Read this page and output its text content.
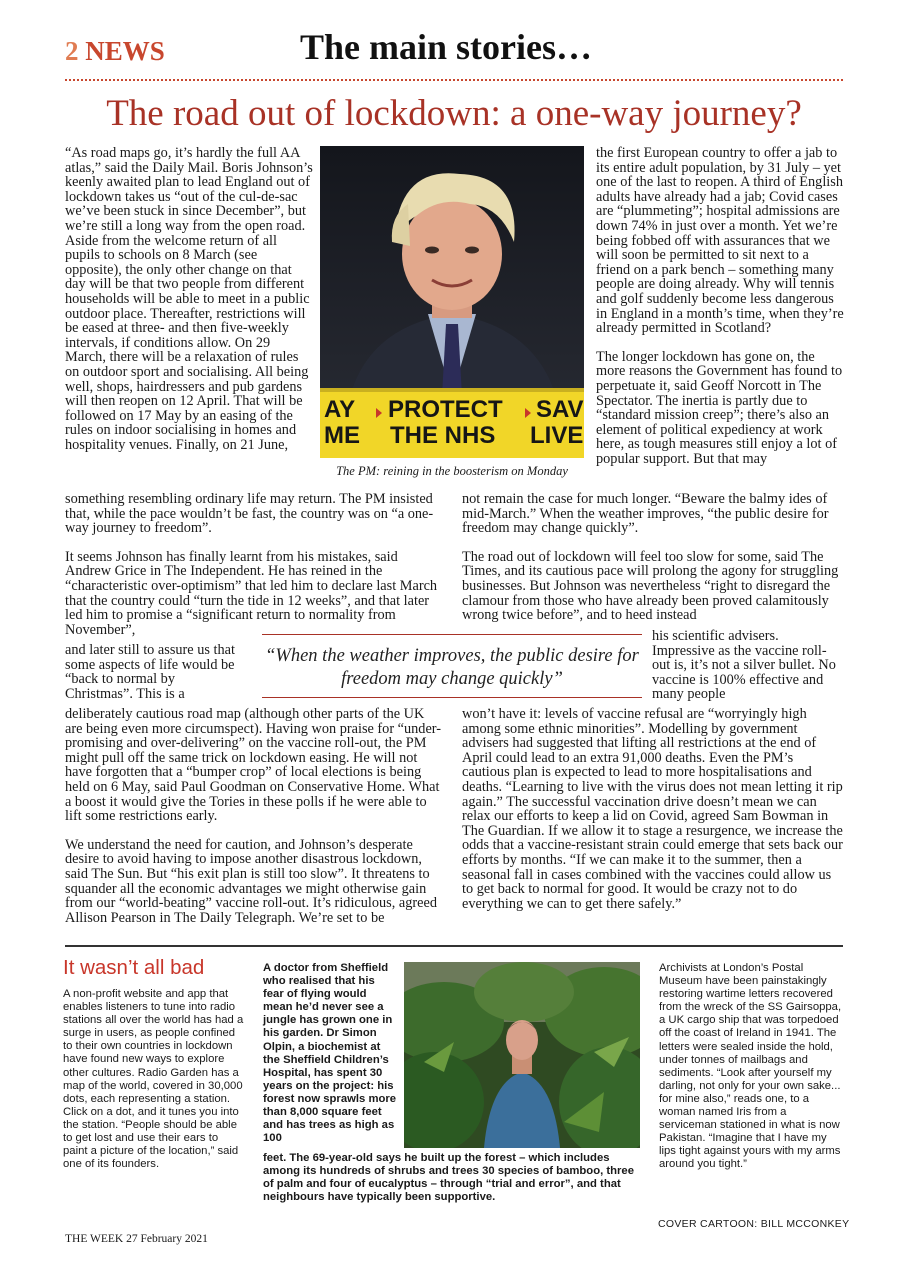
2 NEWS	The main stories…
The road out of lockdown: a one-way journey?
“As road maps go, it’s hardly the full AA atlas,” said the Daily Mail. Boris Johnson’s keenly awaited plan to lead England out of lockdown takes us “out of the cul-de-sac we’ve been stuck in since December”, but we’re still a long way from the open road. Aside from the welcome return of all pupils to schools on 8 March (see opposite), the only other change on that day will be that two people from different households will be able to meet in a public outdoor place. Thereafter, restrictions will be eased at three- and then five-weekly intervals, if conditions allow. On 29 March, there will be a relaxation of rules on outdoor sport and socialising. All being well, shops, hairdressers and pub gardens will then reopen on 12 April. That will be followed on 17 May by an easing of the rules on indoor socialising in homes and hospitality venues. Finally, on 21 June,
AY
ME
PROTECT
THE NHS
SAV
LIVE
The PM: reining in the boosterism on Monday

the first European country to offer a jab to its entire adult population, by 31 July – yet one of the last to reopen. A third of English adults have already had a jab; Covid cases are “plummeting”; hospital admissions are down 74% in just over a month. Yet we’re being fobbed off with assurances that we will soon be permitted to sit next to a friend on a park bench – something many people are doing already. Why will tennis and golf suddenly become less dangerous in England in a month’s time, when they’re already permitted in Scotland?

The longer lockdown has gone on, the more reasons the Government has found to perpetuate it, said Geoff Norcott in The Spectator. The inertia is partly due to “standard mission creep”; there’s also an element of political expediency at work here, as tough measures still enjoy a lot of popular support. But that may

something resembling ordinary life may return. The PM insisted that, while the pace wouldn’t be fast, the country was on “a one-way journey to freedom”.

It seems Johnson has finally learnt from his mistakes, said Andrew Grice in The Independent. He has reined in the “characteristic over-optimism” that led him to declare last March that the country could “turn the tide in 12 weeks”, and that later led him to promise a “significant return to normality from November”,

and later still to assure us that some aspects of life would be “back to normal by Christmas”. This is a

deliberately cautious road map (although other parts of the UK are being even more circumspect). Having won praise for “under-promising and over-delivering” on the vaccine roll-out, the PM might pull off the same trick on lockdown easing. He will not have forgotten that a “bumper crop” of local elections is being held on 6 May, said Paul Goodman on Conservative Home. What a boost it would give the Tories in these polls if he were able to lift some restrictions early.

We understand the need for caution, and Johnson’s desperate desire to avoid having to impose another disastrous lockdown, said The Sun. But “his exit plan is still too slow”. It threatens to squander all the economic advantages we might otherwise gain from our “world-beating” vaccine roll-out. It’s ridiculous, agreed Allison Pearson in The Daily Telegraph. We’re set to be

not remain the case for much longer. “Beware the balmy ides of mid-March.” When the weather improves, “the public desire for freedom may change quickly”.

The road out of lockdown will feel too slow for some, said The Times, and its cautious pace will prolong the agony for struggling businesses. But Johnson was nevertheless “right to disregard the clamour from those who have already been proved calamitously wrong twice before”, and to heed instead

his scientific advisers. Impressive as the vaccine roll-out is, it’s not a silver bullet. No vaccine is 100% effective and many people

won’t have it: levels of vaccine refusal are “worryingly high among some ethnic minorities”. Modelling by government advisers had suggested that lifting all restrictions at the end of April could lead to an extra 91,000 deaths. Even the PM’s cautious plan is expected to lead to more hospitalisations and deaths. “Learning to live with the virus does not mean letting it rip again.” The successful vaccination drive doesn’t mean we can relax our efforts to keep a lid on Covid, agreed Sam Bowman in The Guardian. If we allow it to stage a resurgence, we increase the odds that a vaccine-resistant strain could emerge that sets back our efforts by months. “If we can make it to the summer, then a seasonal fall in cases combined with the vaccines could allow us to get back to normal for good. It would be crazy not to do everything we can to get there safely.”

“When the weather improves, the public desire for freedom may change quickly”
It wasn’t all bad
A non-profit website and app that enables listeners to tune into radio stations all over the world has had a surge in users, as people confined to their own countries in lockdown have found new ways to explore other cultures. Radio Garden has a map of the world, covered in 30,000 dots, each representing a station. Click on a dot, and it tunes you into the station. “People should be able to get lost and use their ears to paint a picture of the location,” said one of its founders.
A doctor from Sheffield who realised that his fear of flying would mean he’d never see a jungle has grown one in his garden. Dr Simon Olpin, a biochemist at the Sheffield Children’s Hospital, has spent 30 years on the project: his forest now sprawls more than 8,000 square feet and has trees as high as 100
feet. The 69-year-old says he built up the forest – which includes among its hundreds of shrubs and trees 30 species of bamboo, three of palm and four of eucalyptus – through “trial and error”, and that neighbours have typically been supportive.
Archivists at London’s Postal Museum have been painstakingly restoring wartime letters recovered from the wreck of the SS Gairsoppa, a UK cargo ship that was torpedoed off the coast of Ireland in 1941. The letters were sealed inside the hold, under tonnes of mailbags and sediments. “Look after yourself my darling, not only for your own sake... for mine also,” reads one, to a woman named Iris from a serviceman stationed in what is now Pakistan. “Imagine that I have my lips tight against yours with my arms around you tight.”
COVER CARTOON: BILL MCCONKEY
THE WEEK 27 February 2021
